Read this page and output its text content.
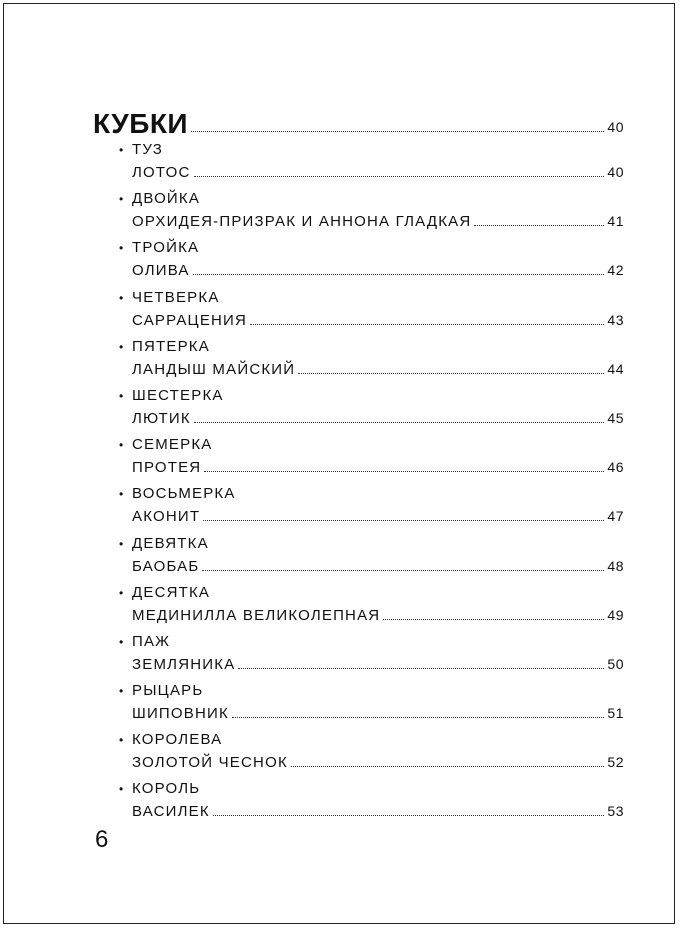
КУБКИ	40
• ТУЗ
ЛОТОС	40
• ДВОЙКА
ОРХИДЕЯ-ПРИЗРАК И АННОНА ГЛАДКАЯ	41
• ТРОЙКА
ОЛИВА	42
• ЧЕТВЕРКА
САРРАЦЕНИЯ	43
• ПЯТЕРКА
ЛАНДЫШ МАЙСКИЙ	44
• ШЕСТЕРКА
ЛЮТИК	45
• СЕМЕРКА
ПРОТЕЯ	46
• ВОСЬМЕРКА
АКОНИТ	47
• ДЕВЯТКА
БАОБАБ	48
• ДЕСЯТКА
МЕДИНИЛЛА ВЕЛИКОЛЕПНАЯ	49
• ПАЖ
ЗЕМЛЯНИКА	50
• РЫЦАРЬ
ШИПОВНИК	51
• КОРОЛЕВА
ЗОЛОТОЙ ЧЕСНОК	52
• КОРОЛЬ
ВАСИЛЕК	53
6
